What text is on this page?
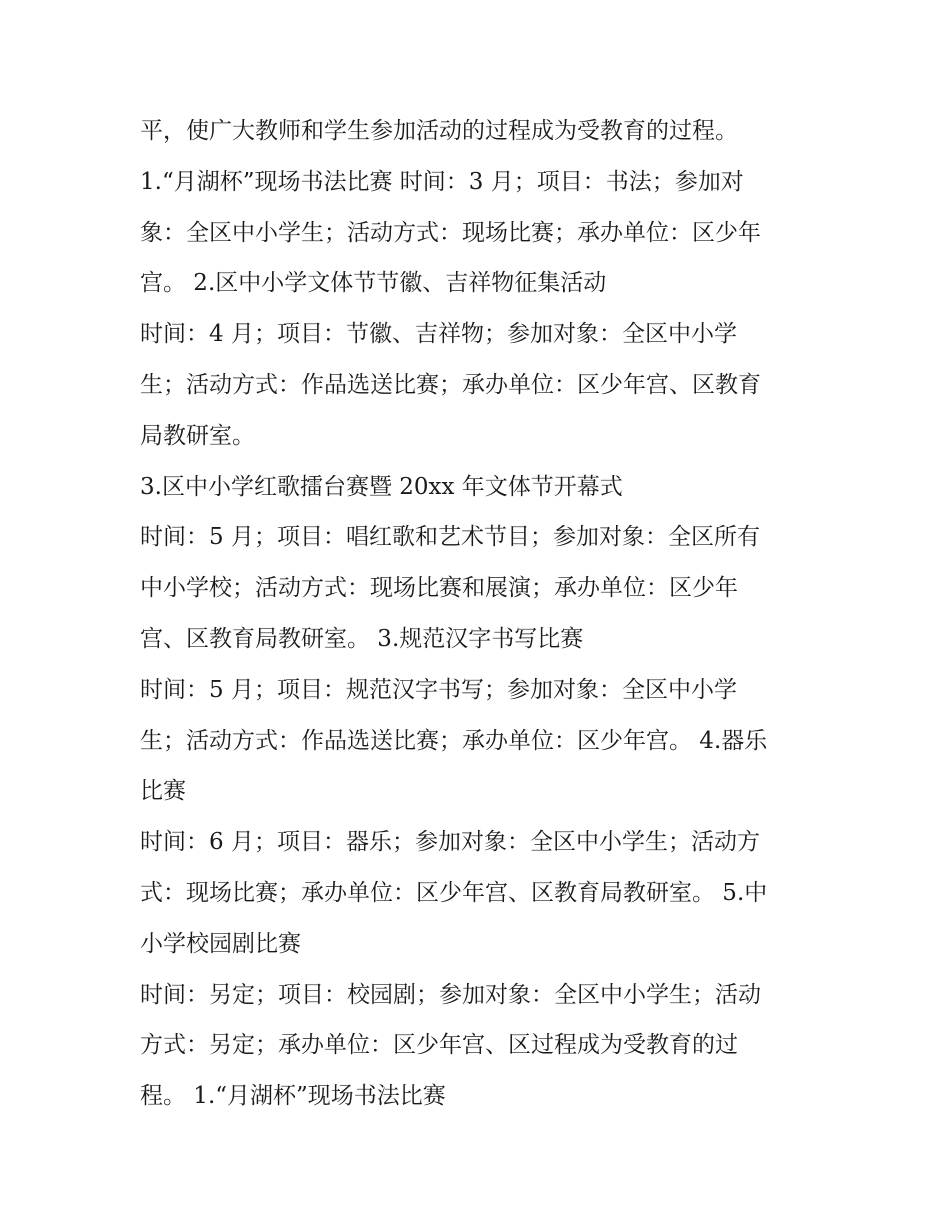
平，使广大教师和学生参加活动的过程成为受教育的过程。
1.“月湖杯”现场书法比赛 时间：3 月；项目：书法；参加对
象：全区中小学生；活动方式：现场比赛；承办单位：区少年
宫。 2.区中小学文体节节徽、吉祥物征集活动
时间：4 月；项目：节徽、吉祥物；参加对象：全区中小学
生；活动方式：作品选送比赛；承办单位：区少年宫、区教育
局教研室。
3.区中小学红歌擂台赛暨 20xx 年文体节开幕式
时间：5 月；项目：唱红歌和艺术节目；参加对象：全区所有
中小学校；活动方式：现场比赛和展演；承办单位：区少年
宫、区教育局教研室。 3.规范汉字书写比赛
时间：5 月；项目：规范汉字书写；参加对象：全区中小学
生；活动方式：作品选送比赛；承办单位：区少年宫。 4.器乐
比赛
时间：6 月；项目：器乐；参加对象：全区中小学生；活动方
式：现场比赛；承办单位：区少年宫、区教育局教研室。 5.中
小学校园剧比赛
时间：另定；项目：校园剧；参加对象：全区中小学生；活动
方式：另定；承办单位：区少年宫、区过程成为受教育的过
程。 1.“月湖杯”现场书法比赛
